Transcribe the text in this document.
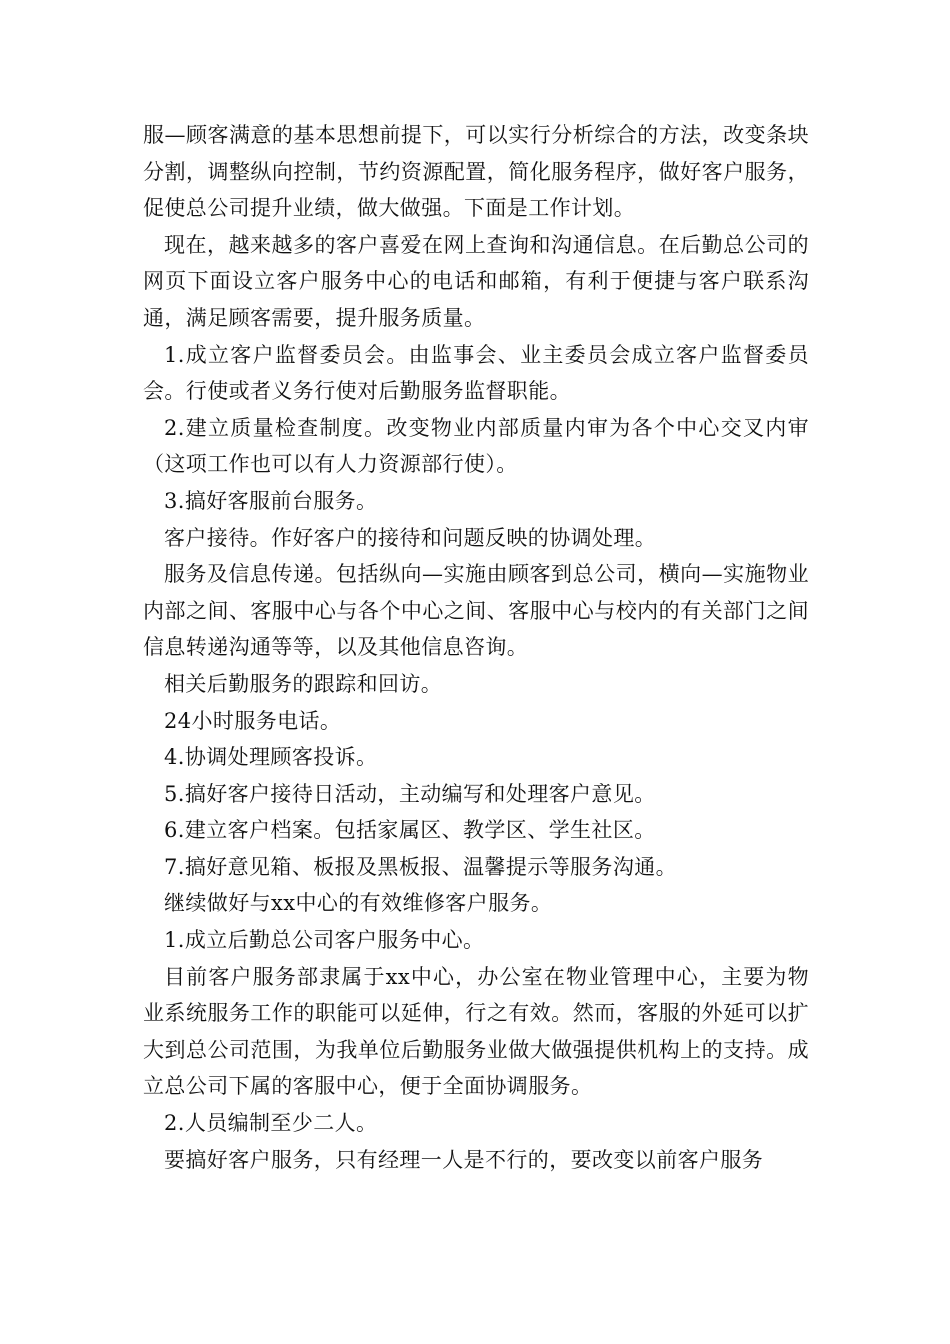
服—顾客满意的基本思想前提下，可以实行分析综合的方法，改变条块分割，调整纵向控制，节约资源配置，简化服务程序，做好客户服务，促使总公司提升业绩，做大做强。下面是工作计划。

现在，越来越多的客户喜爱在网上查询和沟通信息。在后勤总公司的网页下面设立客户服务中心的电话和邮箱，有利于便捷与客户联系沟通，满足顾客需要，提升服务质量。

1.成立客户监督委员会。由监事会、业主委员会成立客户监督委员会。行使或者义务行使对后勤服务监督职能。

2.建立质量检查制度。改变物业内部质量内审为各个中心交叉内审（这项工作也可以有人力资源部行使）。

3.搞好客服前台服务。

客户接待。作好客户的接待和问题反映的协调处理。

服务及信息传递。包括纵向—实施由顾客到总公司，横向—实施物业内部之间、客服中心与各个中心之间、客服中心与校内的有关部门之间信息转递沟通等等，以及其他信息咨询。

相关后勤服务的跟踪和回访。

24小时服务电话。

4.协调处理顾客投诉。

5.搞好客户接待日活动，主动编写和处理客户意见。

6.建立客户档案。包括家属区、教学区、学生社区。

7.搞好意见箱、板报及黑板报、温馨提示等服务沟通。

继续做好与xx中心的有效维修客户服务。

1.成立后勤总公司客户服务中心。

目前客户服务部隶属于xx中心，办公室在物业管理中心，主要为物业系统服务工作的职能可以延伸，行之有效。然而，客服的外延可以扩大到总公司范围，为我单位后勤服务业做大做强提供机构上的支持。成立总公司下属的客服中心，便于全面协调服务。

2.人员编制至少二人。

要搞好客户服务，只有经理一人是不行的，要改变以前客户服务
